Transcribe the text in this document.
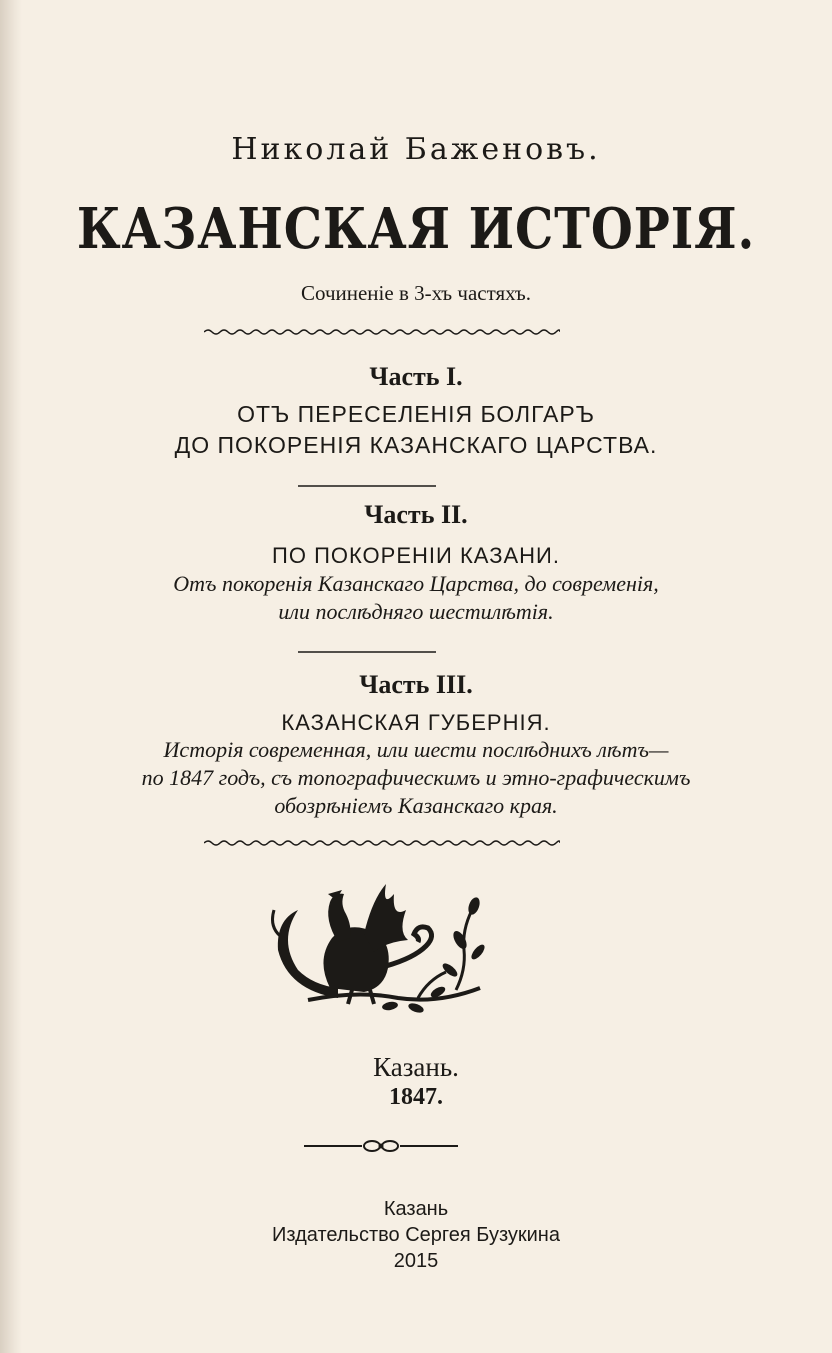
Николай Баженовъ.
КАЗАНСКАЯ ИСТОРІЯ.
Сочиненіе в 3-хъ частяхъ.
Часть I.
ОТЪ ПЕРЕСЕЛЕНІЯ БОЛГАРЪ
ДО ПОКОРЕНІЯ КАЗАНСКАГО ЦАРСТВА.
Часть II.
ПО ПОКОРЕНІИ КАЗАНИ.
Отъ покоренія Казанскаго Царства, до современія,
или послѣдняго шестилѣтія.
Часть III.
КАЗАНСКАЯ ГУБЕРНІЯ.
Исторія современная, или шести послѣднихъ лѣтъ—
по 1847 годъ, съ топографическимъ и этно-графическимъ
обозрѣніемъ Казанскаго края.
Казань.
1847.
Казань
Издательство Сергея Бузукина
2015
